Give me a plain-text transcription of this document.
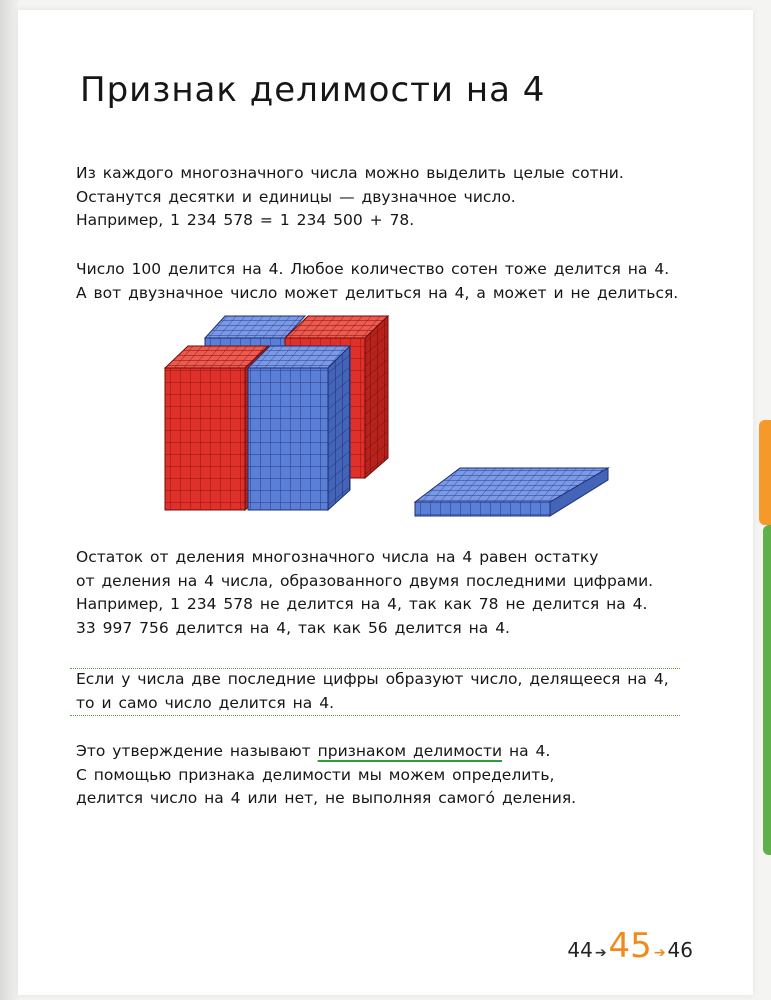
Признак делимости на 4

Из каждого многозначного числа можно выделить целые сотни.
Останутся десятки и единицы — двузначное число.
Например, 1 234 578 = 1 234 500 + 78.

Число 100 делится на 4. Любое количество сотен тоже делится на 4.
А вот двузначное число может делиться на 4, а может и не делиться.

Остаток от деления многозначного числа на 4 равен остатку
от деления на 4 числа, образованного двумя последними цифрами.
Например, 1 234 578 не делится на 4, так как 78 не делится на 4.
33 997 756 делится на 4, так как 56 делится на 4.

Если у числа две последние цифры образуют число, делящееся на 4,
то и само число делится на 4.

Это утверждение называют признаком делимости на 4.
С помощью признака делимости мы можем определить,
делится число на 4 или нет, не выполняя самого́ деления.

44 ➔ 45 ➔ 46
